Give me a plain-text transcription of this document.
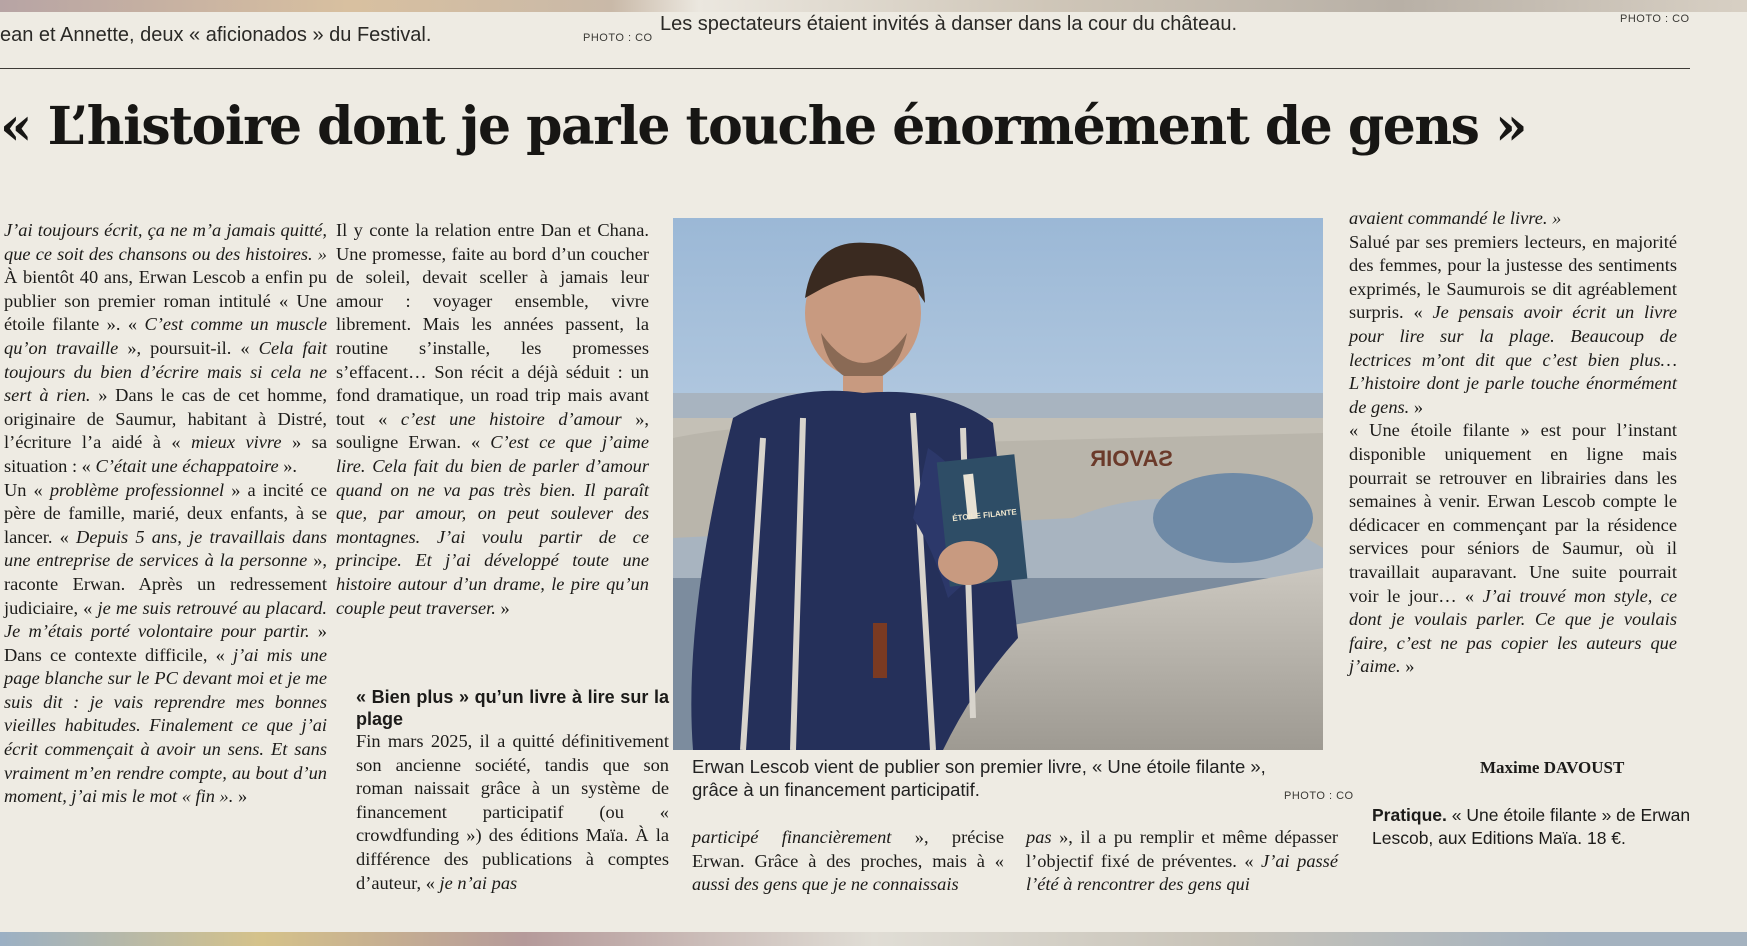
ean et Annette, deux « aficionados » du Festival.	PHOTO : CO
Les spectateurs étaient invités à danser dans la cour du château.	PHOTO : CO
« L’histoire dont je parle touche énormément de gens »

J’ai toujours écrit, ça ne m’a jamais quitté, que ce soit des chansons ou des histoires. » À bientôt 40 ans, Erwan Lescob a enfin pu publier son premier roman intitulé « Une étoile filante ». « C’est comme un muscle qu’on travaille », poursuit-il. « Cela fait toujours du bien d’écrire mais si cela ne sert à rien. » Dans le cas de cet homme, originaire de Saumur, habitant à Distré, l’écriture l’a aidé à « mieux vivre » sa situation : « C’était une échappatoire ».

Un « problème professionnel » a incité ce père de famille, marié, deux enfants, à se lancer. « Depuis 5 ans, je travaillais dans une entreprise de services à la personne », raconte Erwan. Après un redressement judiciaire, « je me suis retrouvé au placard. Je m’étais porté volontaire pour partir. » Dans ce contexte difficile, « j’ai mis une page blanche sur le PC devant moi et je me suis dit : je vais reprendre mes bonnes vieilles habitudes. Finalement ce que j’ai écrit commençait à avoir un sens. Et sans vraiment m’en rendre compte, au bout d’un moment, j’ai mis le mot « fin ». »

Il y conte la relation entre Dan et Chana. Une promesse, faite au bord d’un coucher de soleil, devait sceller à jamais leur amour : voyager ensemble, vivre librement. Mais les années passent, la routine s’installe, les promesses s’effacent… Son récit a déjà séduit : un fond dramatique, un road trip mais avant tout « c’est une histoire d’amour », souligne Erwan. « C’est ce que j’aime lire. Cela fait du bien de parler d’amour quand on ne va pas très bien. Il paraît que, par amour, on peut soulever des montagnes. J’ai voulu partir de ce principe. Et j’ai développé toute une histoire autour d’un drame, le pire qu’un couple peut traverser. »

« Bien plus » qu’un livre à lire sur la plage

Fin mars 2025, il a quitté définitivement son ancienne société, tandis que son roman naissait grâce à un système de financement participatif (ou « crowdfunding ») des éditions Maïa. À la différence des publications à comptes d’auteur, « je n’ai pas

ÉTOILE FILANTE
SAVOIR
Erwan Lescob vient de publier son premier livre, « Une étoile filante », grâce à un financement participatif.	PHOTO : CO

participé financièrement », précise Erwan. Grâce à des proches, mais à « aussi des gens que je ne connaissais

pas », il a pu remplir et même dépasser l’objectif fixé de préventes. « J’ai passé l’été à rencontrer des gens qui

avaient commandé le livre. »

Salué par ses premiers lecteurs, en majorité des femmes, pour la justesse des sentiments exprimés, le Saumurois se dit agréablement surpris. « Je pensais avoir écrit un livre pour lire sur la plage. Beaucoup de lectrices m’ont dit que c’est bien plus… L’histoire dont je parle touche énormément de gens. »

« Une étoile filante » est pour l’instant disponible uniquement en ligne mais pourrait se retrouver en librairies dans les semaines à venir. Erwan Lescob compte le dédicacer en commençant par la résidence services pour séniors de Saumur, où il travaillait auparavant. Une suite pourrait voir le jour… « J’ai trouvé mon style, ce dont je voulais parler. Ce que je voulais faire, c’est ne pas copier les auteurs que j’aime. »

Maxime DAVOUST
Pratique. « Une étoile filante » de Erwan Lescob, aux Editions Maïa. 18 €.
